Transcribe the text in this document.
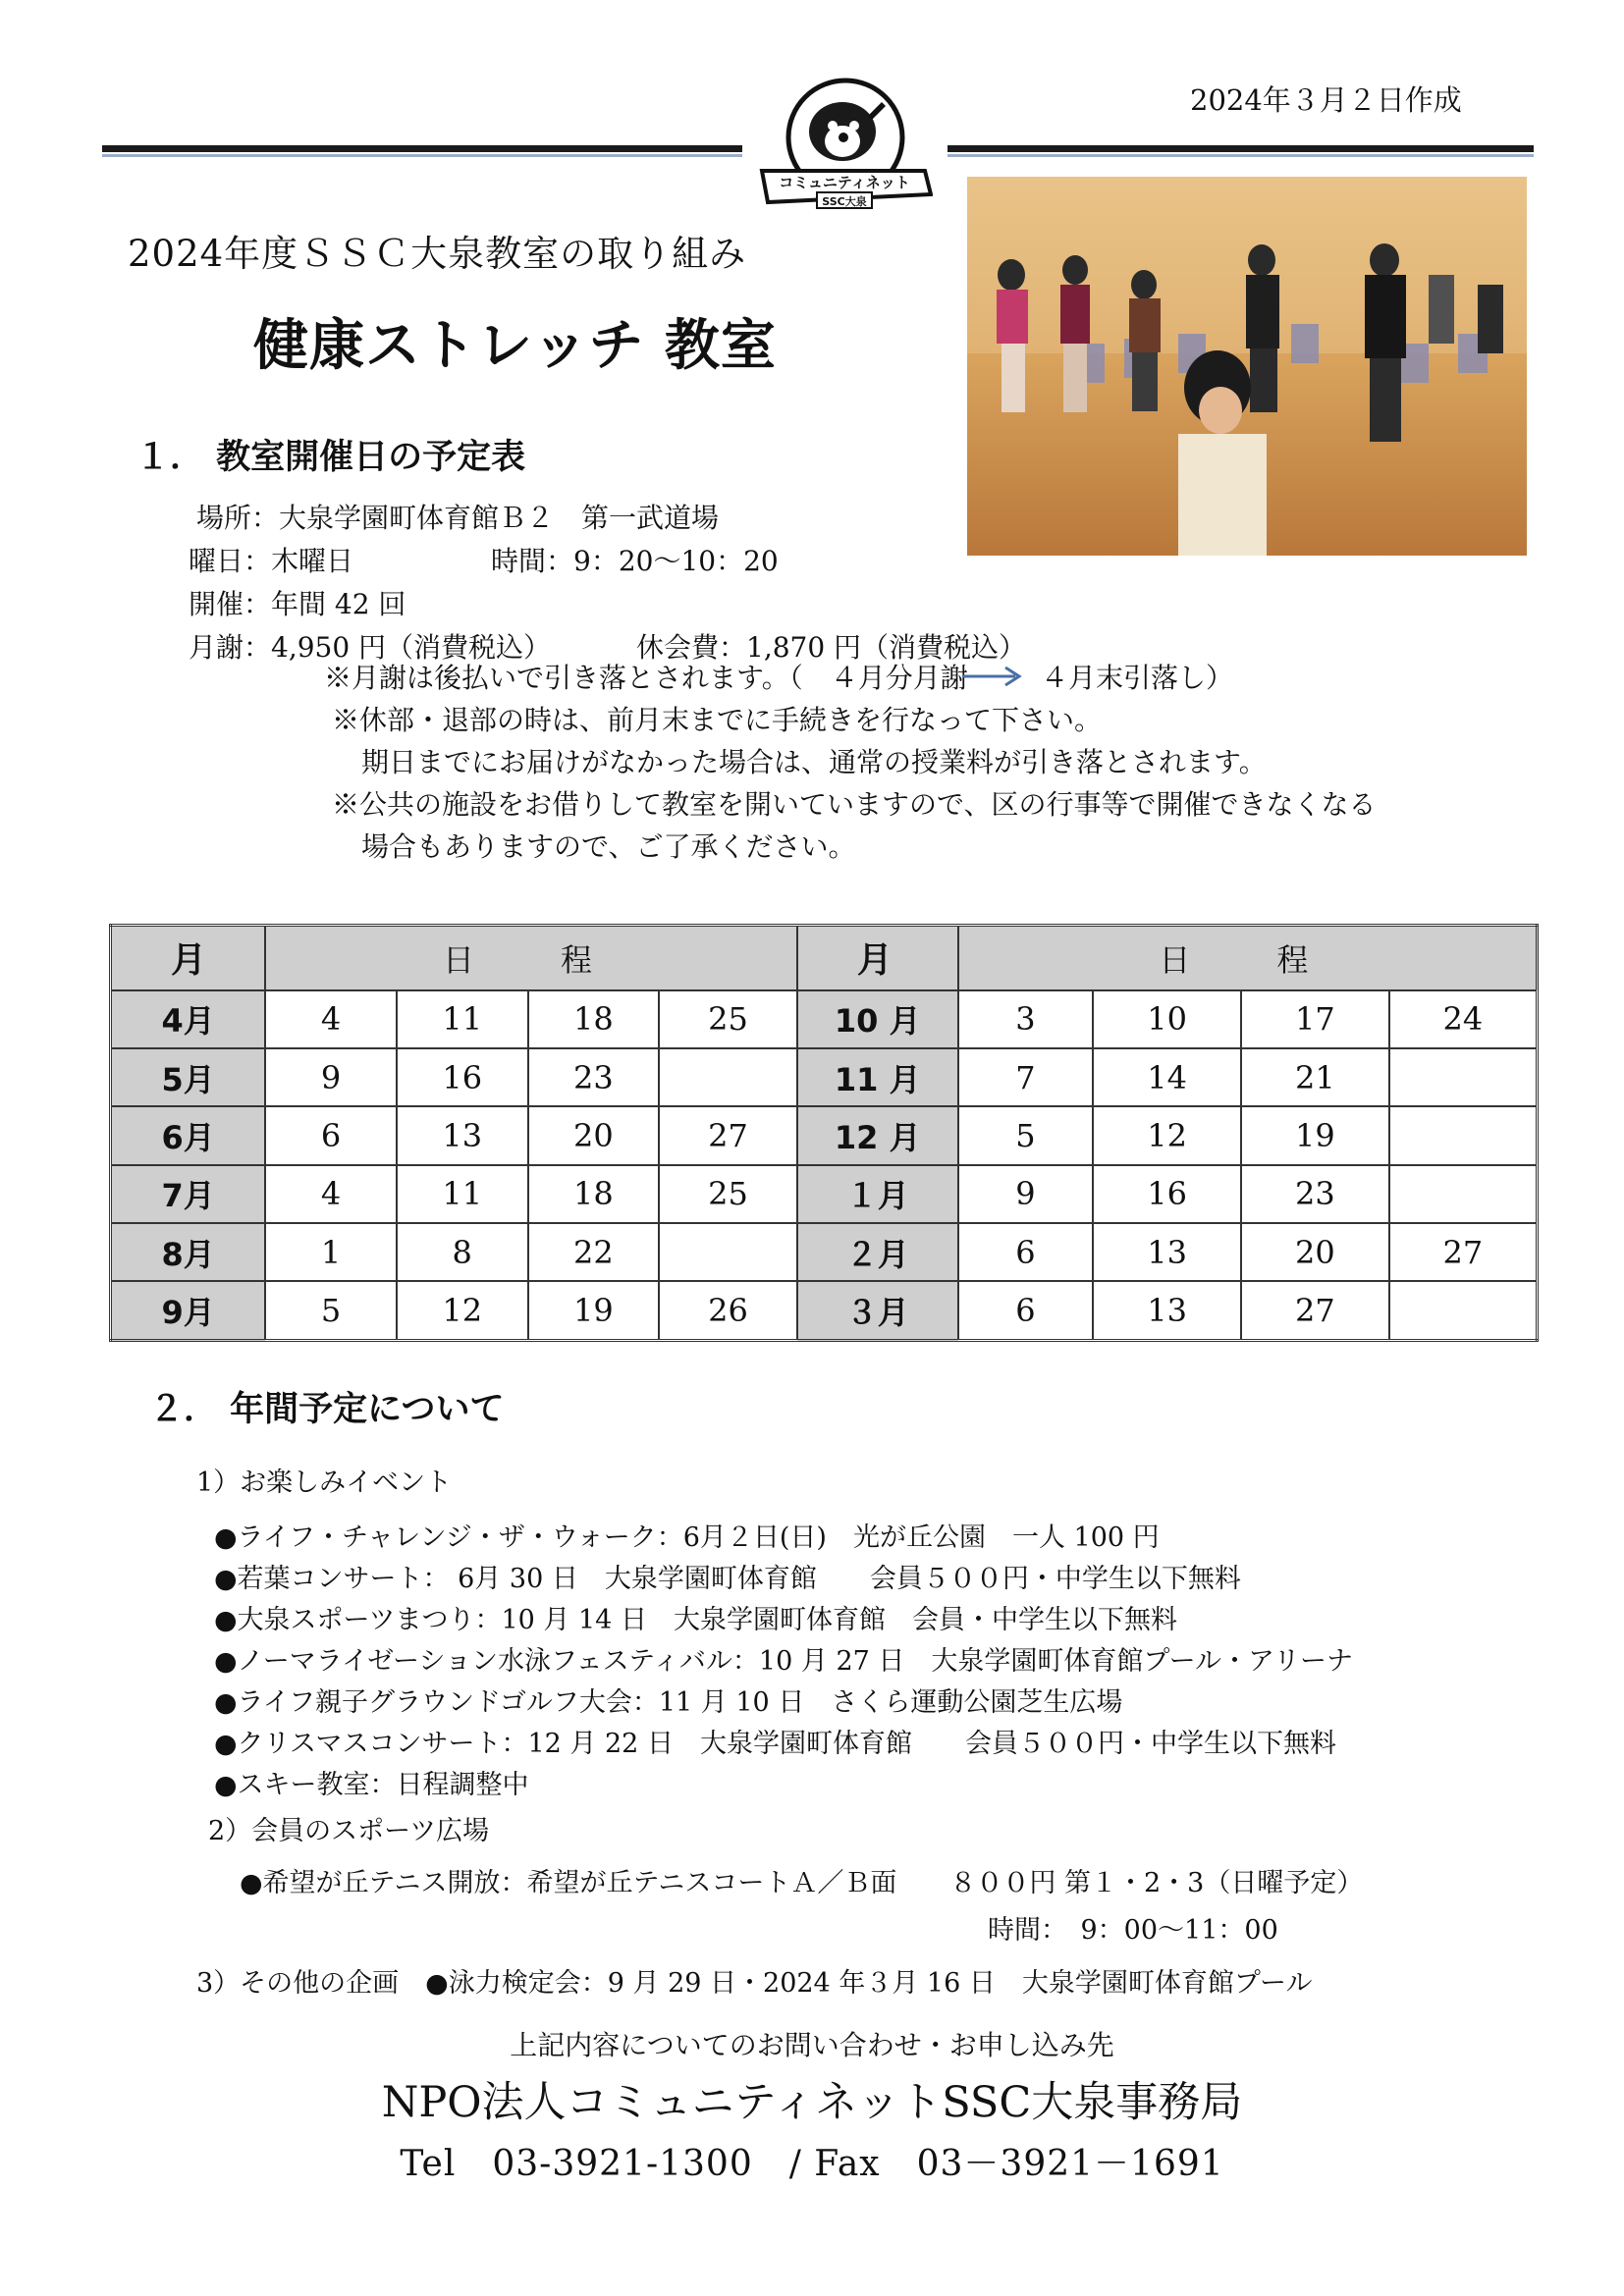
2024年３月２日作成
コミュニティネット
SSC大泉
2024年度ＳＳＣ大泉教室の取り組み
健康ストレッチ 教室
１． 教室開催日の予定表
場所：大泉学園町体育館Ｂ２　第一武道場
曜日：木曜日	時間：9：20〜10：20
開催：年間 42 回
月謝：4,950 円（消費税込）	休会費：1,870 円（消費税込）
※月謝は後払いで引き落とされます。（　４月分月謝	４月末引落し）
※休部・退部の時は、前月末までに手続きを行なって下さい。
期日までにお届けがなかった場合は、通常の授業料が引き落とされます。
※公共の施設をお借りして教室を開いていますので、区の行事等で開催できなくなる
場合もありますので、ご了承ください。
月	日　程				月	日　程			
4月	4	11	18	25	10 月	3	10	17	24
5月	9	16	23		11 月	7	14	21	
6月	6	13	20	27	12 月	5	12	19	
7月	4	11	18	25	１月	9	16	23	
8月	1	8	22		２月	6	13	20	27
9月	5	12	19	26	３月	6	13	27	
２． 年間予定について
1）お楽しみイベント
●ライフ・チャレンジ・ザ・ウォーク：6月２日(日)　光が丘公園　一人 100 円
●若葉コンサート： 6月 30 日　大泉学園町体育館　　会員５００円・中学生以下無料
●大泉スポーツまつり：10 月 14 日　大泉学園町体育館　会員・中学生以下無料
●ノーマライゼーション水泳フェスティバル：10 月 27 日　大泉学園町体育館プール・アリーナ
●ライフ親子グラウンドゴルフ大会：11 月 10 日　さくら運動公園芝生広場
●クリスマスコンサート：12 月 22 日　大泉学園町体育館　　会員５００円・中学生以下無料
●スキー教室：日程調整中
2）会員のスポーツ広場
●希望が丘テニス開放：希望が丘テニスコートＡ／Ｂ面　　８００円 第１・2・3（日曜予定）
時間：　9：00〜11：00
3）その他の企画　●泳力検定会：9 月 29 日・2024 年３月 16 日　大泉学園町体育館プール
上記内容についてのお問い合わせ・お申し込み先
NPO法人コミュニティネットSSC大泉事務局
Tel　03-3921-1300　/ Fax　03－3921－1691
